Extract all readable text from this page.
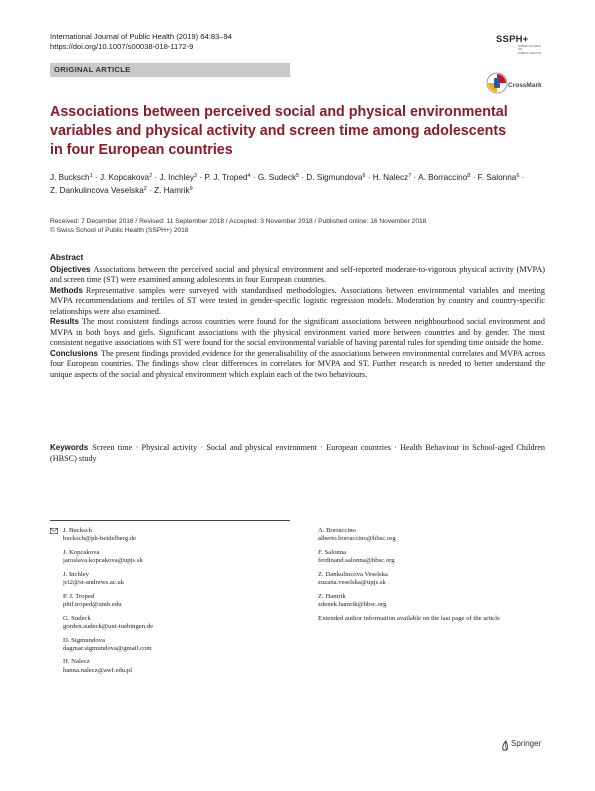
International Journal of Public Health (2019) 64:83–94
https://doi.org/10.1007/s00038-018-1172-9
SSPH+
SWISS SCHOOL OF
PUBLIC HEALTH
ORIGINAL ARTICLE
CrossMark
Associations between perceived social and physical environmental variables and physical activity and screen time among adolescents in four European countries
J. Bucksch$^1$ · J. Kopcakova$^2$ · J. Inchley$^3$ · P. J. Troped$^4$ · G. Sudeck$^5$ · D. Sigmundova$^6$ · H. Nalecz$^7$ · A. Borraccino$^8$ · F. Salonna$^6$ · Z. Dankulincova Veselska$^2$ · Z. Hamrik$^9$
Received: 7 December 2016 / Revised: 11 September 2018 / Accepted: 3 November 2018 / Published online: 16 November 2018
© Swiss School of Public Health (SSPH+) 2018
Abstract

Objectives Associations between the perceived social and physical environment and self-reported moderate-to-vigorous physical activity (MVPA) and screen time (ST) were examined among adolescents in four European countries.

Methods Representative samples were surveyed with standardised methodologies. Associations between environmental variables and meeting MVPA recommendations and tertiles of ST were tested in gender-specific logistic regression models. Moderation by country and country-specific relationships were also examined.

Results The most consistent findings across countries were found for the significant associations between neighbourhood social environment and MVPA in both boys and girls. Significant associations with the physical environment varied more between countries and by gender. The most consistent negative associations with ST were found for the social environmental variable of having parental rules for spending time outside the home.

Conclusions The present findings provided evidence for the generalisability of the associations between environmental correlates and MVPA across four European countries. The findings show clear differences in correlates for MVPA and ST. Further research is needed to better understand the unique aspects of the social and physical environment which explain each of the two behaviours.

Keywords Screen time · Physical activity · Social and physical environment · European countries · Health Behaviour in School-aged Children (HBSC) study
J. Bucksch
bucksch@ph-heidelberg.de
J. Kopcakova
jaroslava.kopcakova@upjs.sk
J. Inchley
jci2@st-andrews.ac.uk
P. J. Troped
phil.troped@umb.edu
G. Sudeck
gorden.sudeck@uni-tuebingen.de
D. Sigmundova
dagmar.sigmundova@gmail.com
H. Nalecz
hanna.nalecz@awf.edu.pl
A. Borraccino
alberto.borraccino@hbsc.org
F. Salonna
ferdinand.salonna@hbsc.org
Z. Dankulincova Veselska
zuzana.veselska@upjs.sk
Z. Hamrik
zdenek.hamrik@hbsc.org
Extended author information available on the last page of the article
Springer
